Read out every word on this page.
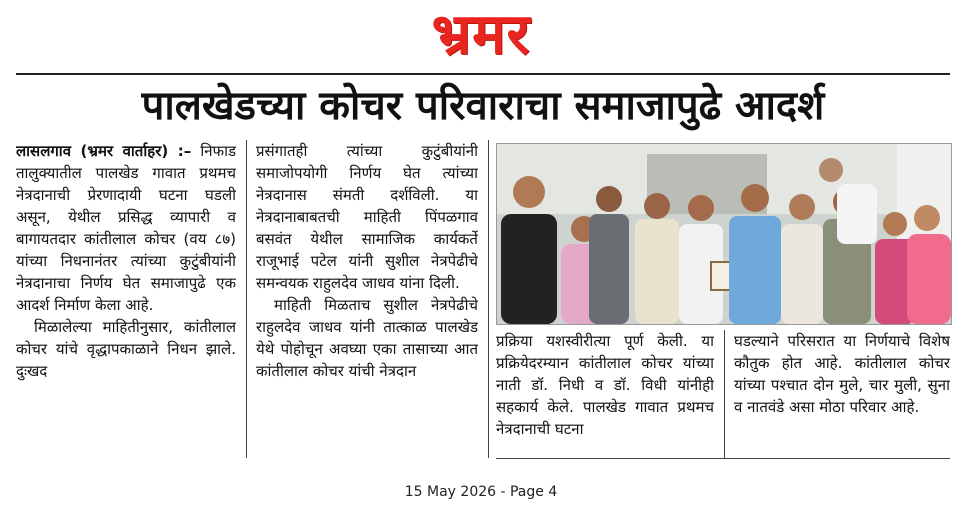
भ्रमर
पालखेडच्या कोचर परिवाराचा समाजापुढे आदर्श

लासलगाव (भ्रमर वार्ताहर) :– निफाड तालुक्यातील पालखेड गावात प्रथमच नेत्रदानाची प्रेरणादायी घटना घडली असून, येथील प्रसिद्ध व्यापारी व बागायतदार कांतीलाल कोचर (वय ८७) यांच्या निधनानंतर त्यांच्या कुटुंबीयांनी नेत्रदानाचा निर्णय घेत समाजापुढे एक आदर्श निर्माण केला आहे.

मिळालेल्या माहितीनुसार, कांतीलाल कोचर यांचे वृद्धापकाळाने निधन झाले. दुःखद

प्रसंगातही त्यांच्या कुटुंबीयांनी समाजोपयोगी निर्णय घेत त्यांच्या नेत्रदानास संमती दर्शविली. या नेत्रदानाबाबतची माहिती पिंपळगाव बसवंत येथील सामाजिक कार्यकर्ते राजूभाई पटेल यांनी सुशील नेत्रपेढीचे समन्वयक राहुलदेव जाधव यांना दिली.

माहिती मिळताच सुशील नेत्रपेढीचे राहुलदेव जाधव यांनी तात्काळ पालखेड येथे पोहोचून अवघ्या एका तासाच्या आत कांतीलाल कोचर यांची नेत्रदान

प्रक्रिया यशस्वीरीत्या पूर्ण केली. या प्रक्रियेदरम्यान कांतीलाल कोचर यांच्या नाती डॉ. निधी व डॉ. विधी यांनीही सहकार्य केले. पालखेड गावात प्रथमच नेत्रदानाची घटना

घडल्याने परिसरात या निर्णयाचे विशेष कौतुक होत आहे. कांतीलाल कोचर यांच्या पश्चात दोन मुले, चार मुली, सुना व नातवंडे असा मोठा परिवार आहे.

15 May 2026 - Page 4
